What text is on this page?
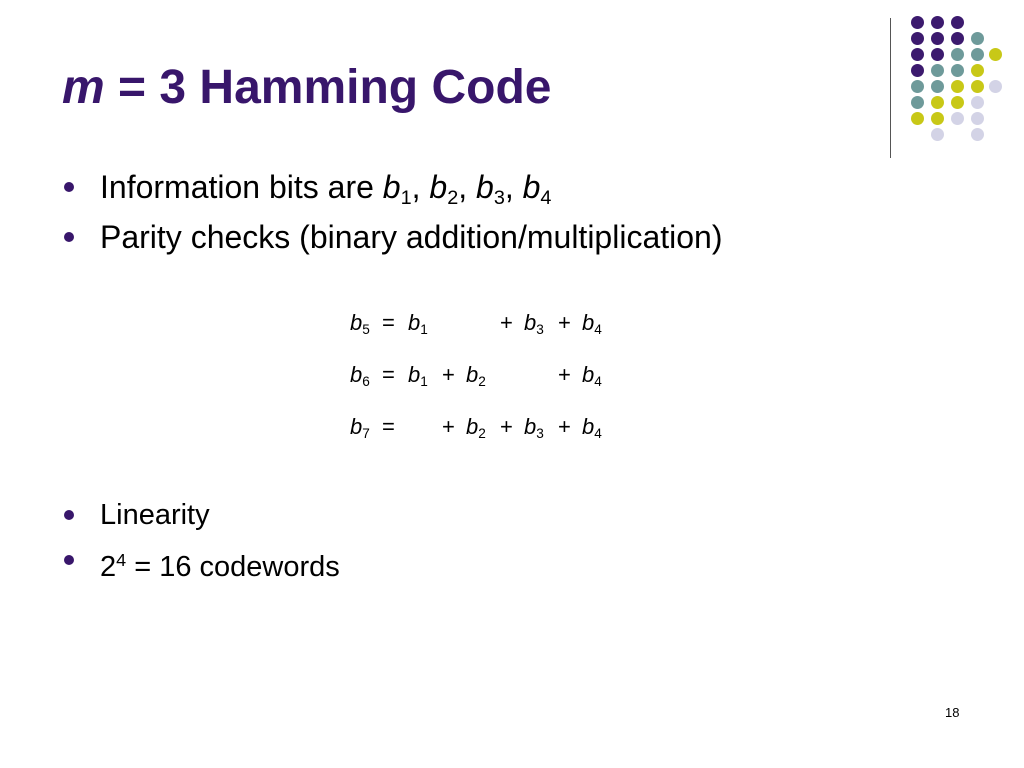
m = 3 Hamming Code
Information bits are $b_1$, $b_2$, $b_3$, $b_4$
Parity checks (binary addition/multiplication)
$b_5 = b_1$	+ $b_3 + b_4$
$b_6 = b_1 + b_2$	+ $b_4$
$b_7$ = + $b_2 + b_3 + b_4$
Linearity
$2^4 = 16$ codewords
18
